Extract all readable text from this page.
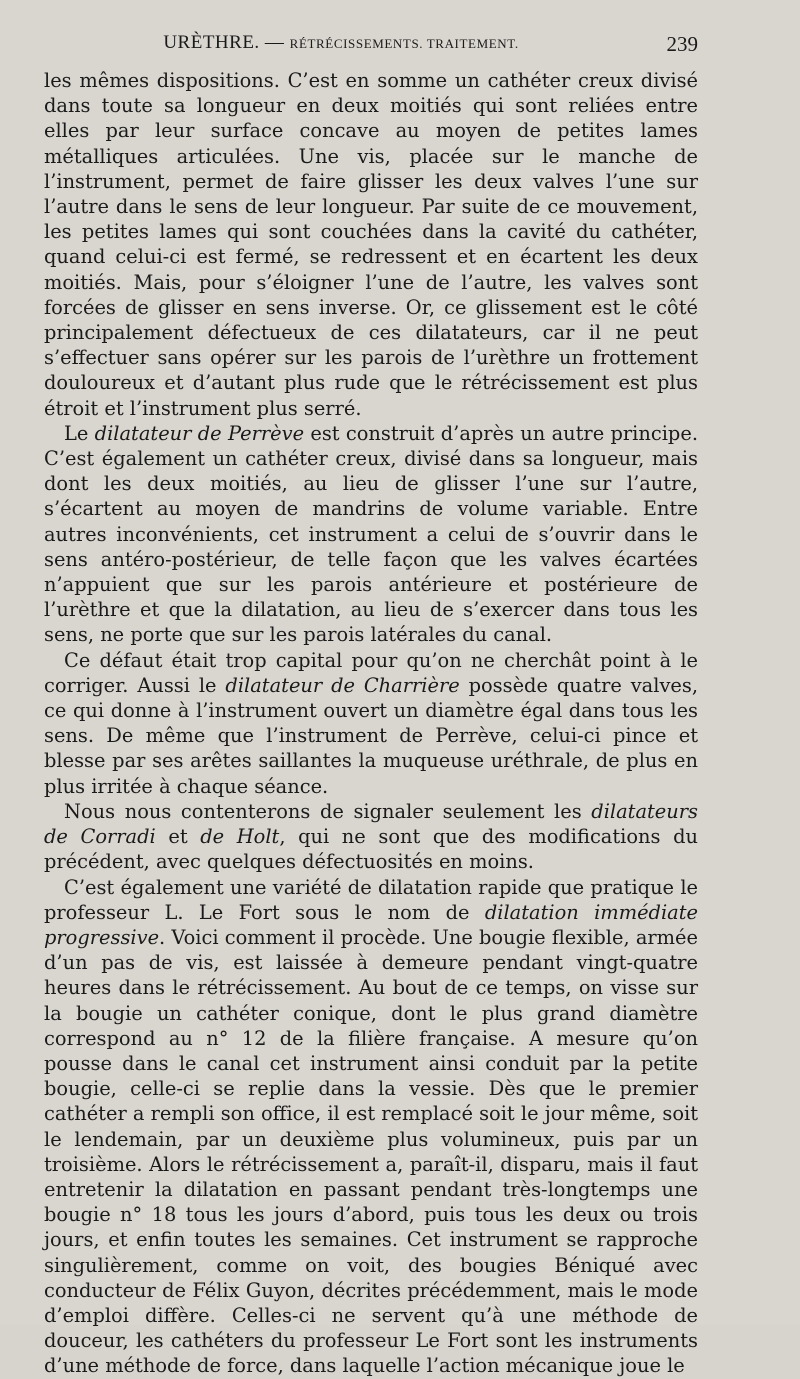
URÈTHRE. — RÉTRÉCISSEMENTS. TRAITEMENT.	239

les mêmes dispositions. C’est en somme un cathéter creux divisé dans toute sa longueur en deux moitiés qui sont reliées entre elles par leur surface concave au moyen de petites lames métalliques articulées. Une vis, placée sur le manche de l’instrument, permet de faire glisser les deux valves l’une sur l’autre dans le sens de leur longueur. Par suite de ce mouvement, les petites lames qui sont couchées dans la cavité du cathéter, quand celui-ci est fermé, se redressent et en écartent les deux moitiés. Mais, pour s’éloigner l’une de l’autre, les valves sont forcées de glisser en sens inverse. Or, ce glissement est le côté principalement défectueux de ces dilatateurs, car il ne peut s’effectuer sans opérer sur les parois de l’urèthre un frottement douloureux et d’autant plus rude que le rétrécissement est plus étroit et l’instrument plus serré.

Le dilatateur de Perrève est construit d’après un autre principe. C’est également un cathéter creux, divisé dans sa longueur, mais dont les deux moitiés, au lieu de glisser l’une sur l’autre, s’écartent au moyen de mandrins de volume variable. Entre autres inconvénients, cet instrument a celui de s’ouvrir dans le sens antéro-postérieur, de telle façon que les valves écartées n’appuient que sur les parois antérieure et postérieure de l’urèthre et que la dilatation, au lieu de s’exercer dans tous les sens, ne porte que sur les parois latérales du canal.

Ce défaut était trop capital pour qu’on ne cherchât point à le corriger. Aussi le dilatateur de Charrière possède quatre valves, ce qui donne à l’instrument ouvert un diamètre égal dans tous les sens. De même que l’instrument de Perrève, celui-ci pince et blesse par ses arêtes saillantes la muqueuse uréthrale, de plus en plus irritée à chaque séance.

Nous nous contenterons de signaler seulement les dilatateurs de Corradi et de Holt, qui ne sont que des modifications du précédent, avec quelques défectuosités en moins.

C’est également une variété de dilatation rapide que pratique le professeur L. Le Fort sous le nom de dilatation immédiate progressive. Voici comment il procède. Une bougie flexible, armée d’un pas de vis, est laissée à demeure pendant vingt-quatre heures dans le rétrécissement. Au bout de ce temps, on visse sur la bougie un cathéter conique, dont le plus grand diamètre correspond au n° 12 de la filière française. A mesure qu’on pousse dans le canal cet instrument ainsi conduit par la petite bougie, celle-ci se replie dans la vessie. Dès que le premier cathéter a rempli son office, il est remplacé soit le jour même, soit le lendemain, par un deuxième plus volumineux, puis par un troisième. Alors le rétrécissement a, paraît-il, disparu, mais il faut entretenir la dilatation en passant pendant très-longtemps une bougie n° 18 tous les jours d’abord, puis tous les deux ou trois jours, et enfin toutes les semaines. Cet instrument se rapproche singulièrement, comme on voit, des bougies Béniqué avec conducteur de Félix Guyon, décrites précédemment, mais le mode d’emploi diffère. Celles-ci ne servent qu’à une méthode de douceur, les cathéters du professeur Le Fort sont les instruments d’une méthode de force, dans laquelle l’action mécanique joue le
